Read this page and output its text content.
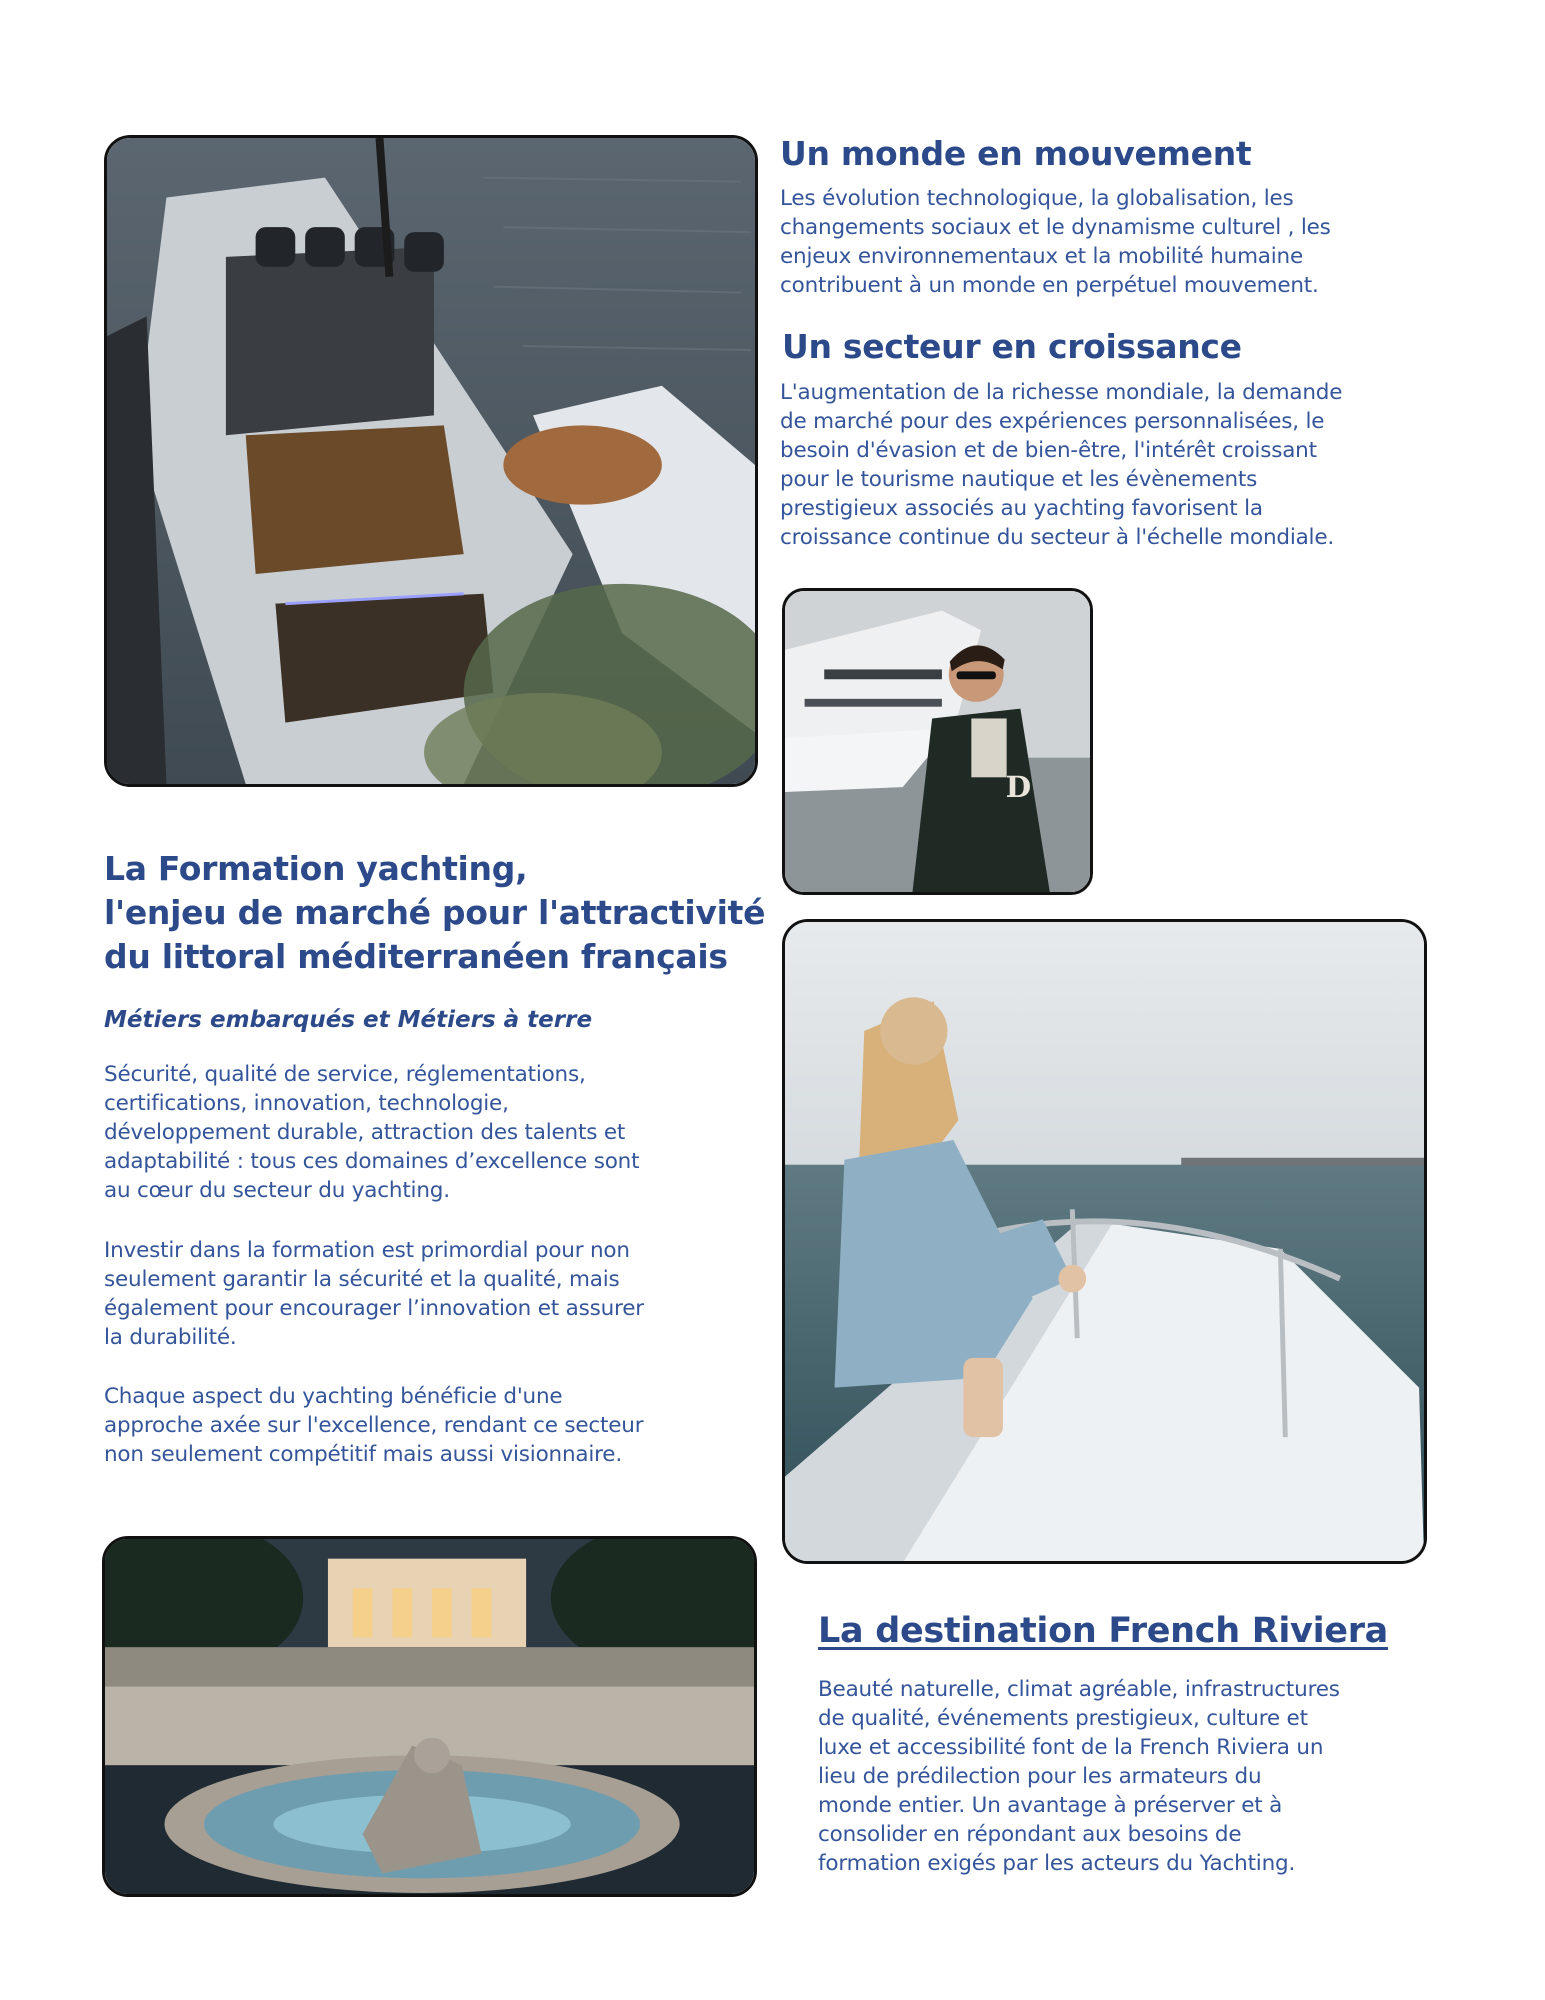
Un monde en mouvement

Les évolution technologique, la globalisation, les
changements sociaux et le dynamisme culturel , les
enjeux environnementaux et la mobilité humaine
contribuent à un monde en perpétuel mouvement.

Un secteur en croissance

L'augmentation de la richesse mondiale, la demande
de marché pour des expériences personnalisées, le
besoin d'évasion et de bien-être, l'intérêt croissant
pour le tourisme nautique et les évènements
prestigieux associés au yachting favorisent la
croissance continue du secteur à l'échelle mondiale.

D
La Formation yachting,
l'enjeu de marché pour l'attractivité
du littoral méditerranéen français

Métiers embarqués et Métiers à terre

Sécurité, qualité de service, réglementations,
certifications, innovation, technologie,
développement durable, attraction des talents et
adaptabilité : tous ces domaines d’excellence sont
au cœur du secteur du yachting.

Investir dans la formation est primordial pour non
seulement garantir la sécurité et la qualité, mais
également pour encourager l’innovation et assurer
la durabilité.

Chaque aspect du yachting bénéficie d'une
approche axée sur l'excellence, rendant ce secteur
non seulement compétitif mais aussi visionnaire.

La destination French Riviera

Beauté naturelle, climat agréable, infrastructures
de qualité, événements prestigieux, culture et
luxe et accessibilité font de la French Riviera un
lieu de prédilection pour les armateurs du
monde entier. Un avantage à préserver et à
consolider en répondant aux besoins de
formation exigés par les acteurs du Yachting.
